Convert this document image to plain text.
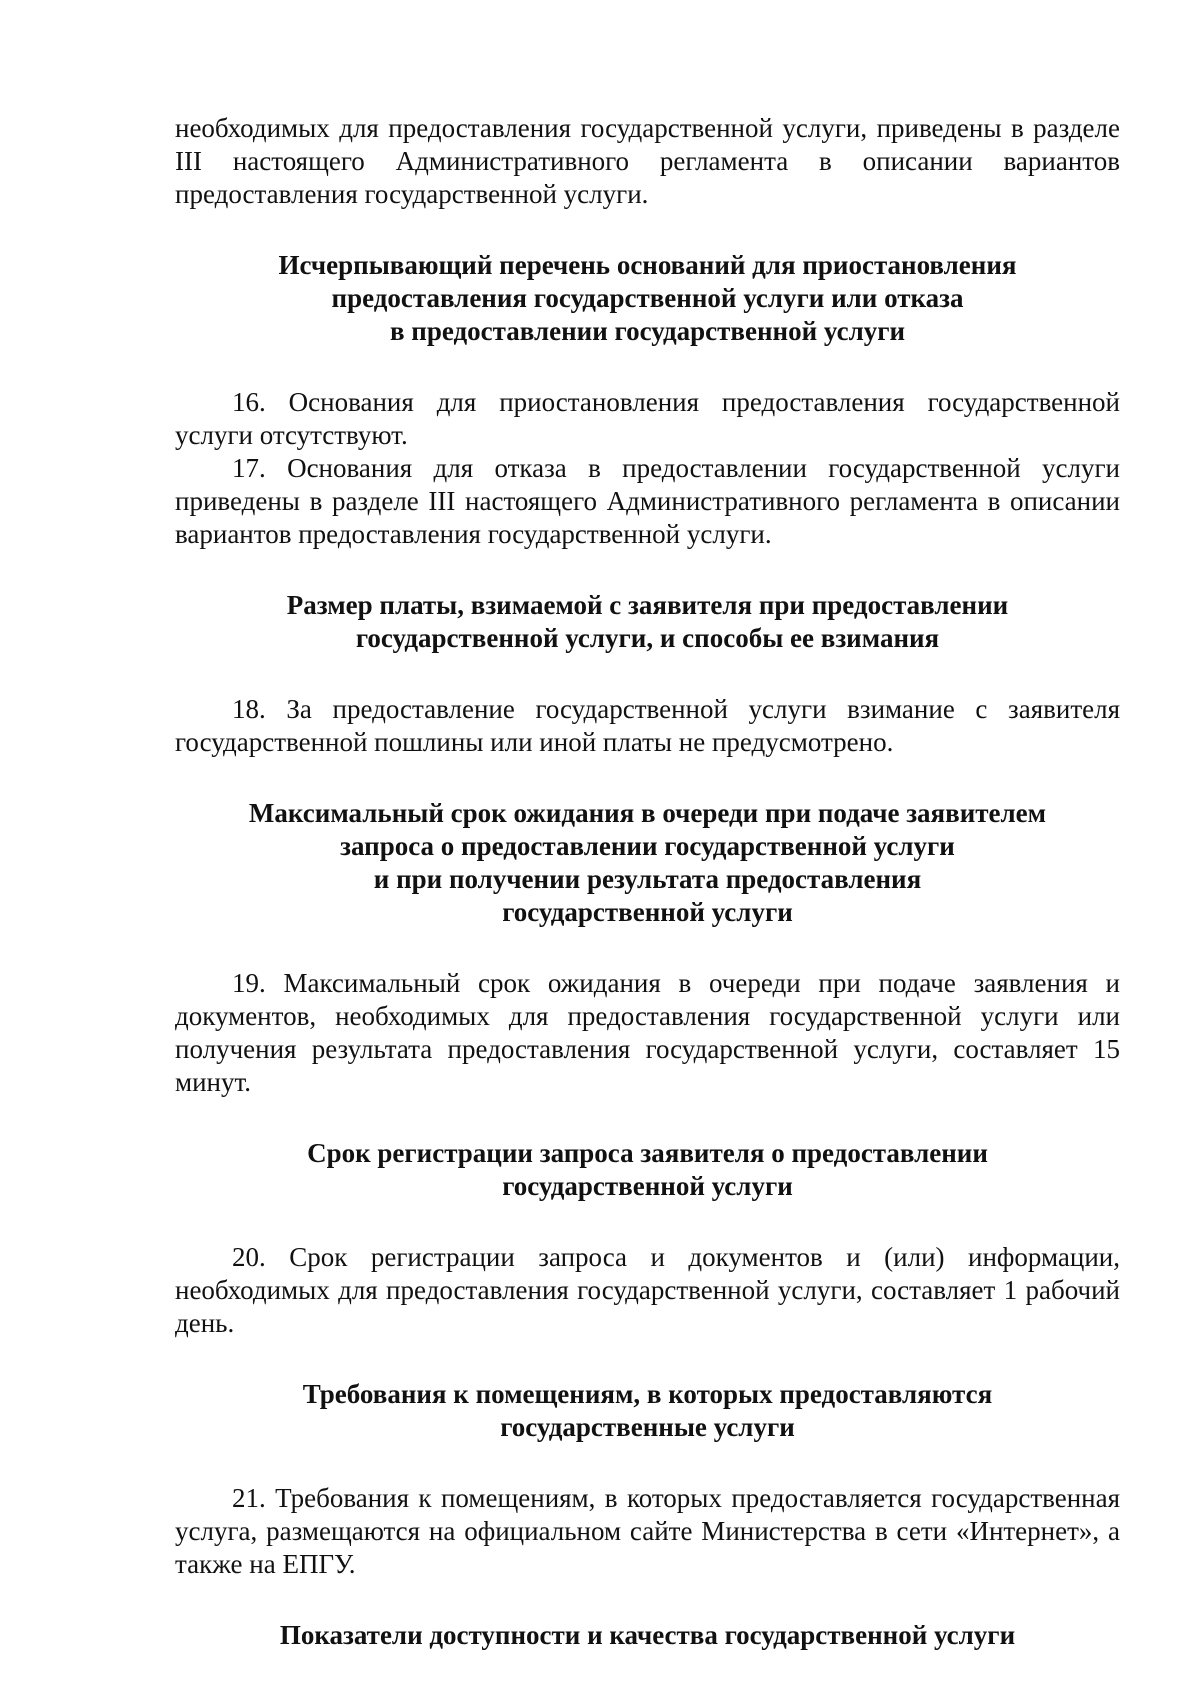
необходимых для предоставления государственной услуги, приведены в разделе III настоящего Административного регламента в описании вариантов предоставления государственной услуги.

Исчерпывающий перечень оснований для приостановления
предоставления государственной услуги или отказа
в предоставлении государственной услуги

16. Основания для приостановления предоставления государственной услуги отсутствуют.

17. Основания для отказа в предоставлении государственной услуги приведены в разделе III настоящего Административного регламента в описании вариантов предоставления государственной услуги.

Размер платы, взимаемой с заявителя при предоставлении
государственной услуги, и способы ее взимания

18. За предоставление государственной услуги взимание с заявителя государственной пошлины или иной платы не предусмотрено.

Максимальный срок ожидания в очереди при подаче заявителем
запроса о предоставлении государственной услуги
и при получении результата предоставления
государственной услуги

19. Максимальный срок ожидания в очереди при подаче заявления и документов, необходимых для предоставления государственной услуги или получения результата предоставления государственной услуги, составляет 15 минут.

Срок регистрации запроса заявителя о предоставлении
государственной услуги

20. Срок регистрации запроса и документов и (или) информации, необходимых для предоставления государственной услуги, составляет 1 рабочий день.

Требования к помещениям, в которых предоставляются
государственные услуги

21. Требования к помещениям, в которых предоставляется государственная услуга, размещаются на официальном сайте Министерства в сети «Интернет», а также на ЕПГУ.

Показатели доступности и качества государственной услуги
